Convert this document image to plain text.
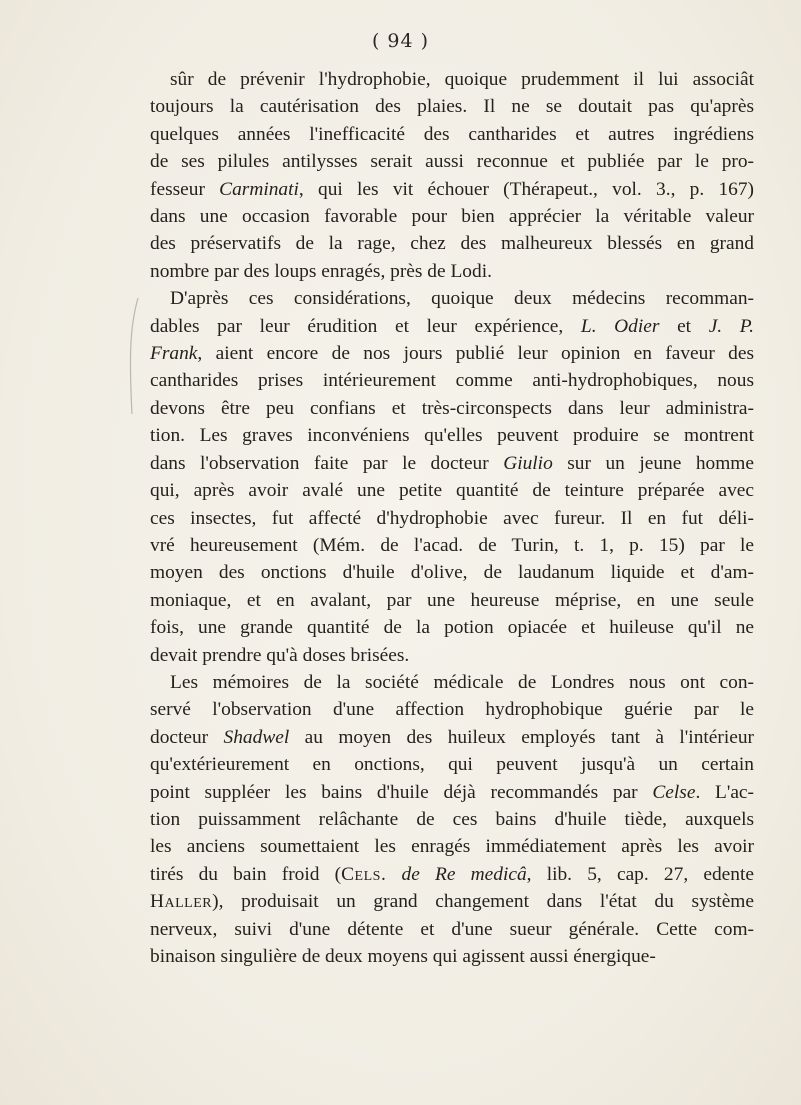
( 94 )

sûr de prévenir l'hydrophobie, quoique prudemment il lui associât

toujours la cautérisation des plaies. Il ne se doutait pas qu'après

quelques années l'inefficacité des cantharides et autres ingrédiens

de ses pilules antilysses serait aussi reconnue et publiée par le pro-

fesseur Carminati, qui les vit échouer (Thérapeut., vol. 3., p. 167)

dans une occasion favorable pour bien apprécier la véritable valeur

des préservatifs de la rage, chez des malheureux blessés en grand

nombre par des loups enragés, près de Lodi.

D'après ces considérations, quoique deux médecins recomman-

dables par leur érudition et leur expérience, L. Odier et J. P.

Frank, aient encore de nos jours publié leur opinion en faveur des

cantharides prises intérieurement comme anti-hydrophobiques, nous

devons être peu confians et très-circonspects dans leur administra-

tion. Les graves inconvéniens qu'elles peuvent produire se montrent

dans l'observation faite par le docteur Giulio sur un jeune homme

qui, après avoir avalé une petite quantité de teinture préparée avec

ces insectes, fut affecté d'hydrophobie avec fureur. Il en fut déli-

vré heureusement (Mém. de l'acad. de Turin, t. 1, p. 15) par le

moyen des onctions d'huile d'olive, de laudanum liquide et d'am-

moniaque, et en avalant, par une heureuse méprise, en une seule

fois, une grande quantité de la potion opiacée et huileuse qu'il ne

devait prendre qu'à doses brisées.

Les mémoires de la société médicale de Londres nous ont con-

servé l'observation d'une affection hydrophobique guérie par le

docteur Shadwel au moyen des huileux employés tant à l'intérieur

qu'extérieurement en onctions, qui peuvent jusqu'à un certain

point suppléer les bains d'huile déjà recommandés par Celse. L'ac-

tion puissamment relâchante de ces bains d'huile tiède, auxquels

les anciens soumettaient les enragés immédiatement après les avoir

tirés du bain froid (Cels. de Re medicâ, lib. 5, cap. 27, edente

Haller), produisait un grand changement dans l'état du système

nerveux, suivi d'une détente et d'une sueur générale. Cette com-

binaison singulière de deux moyens qui agissent aussi énergique-
